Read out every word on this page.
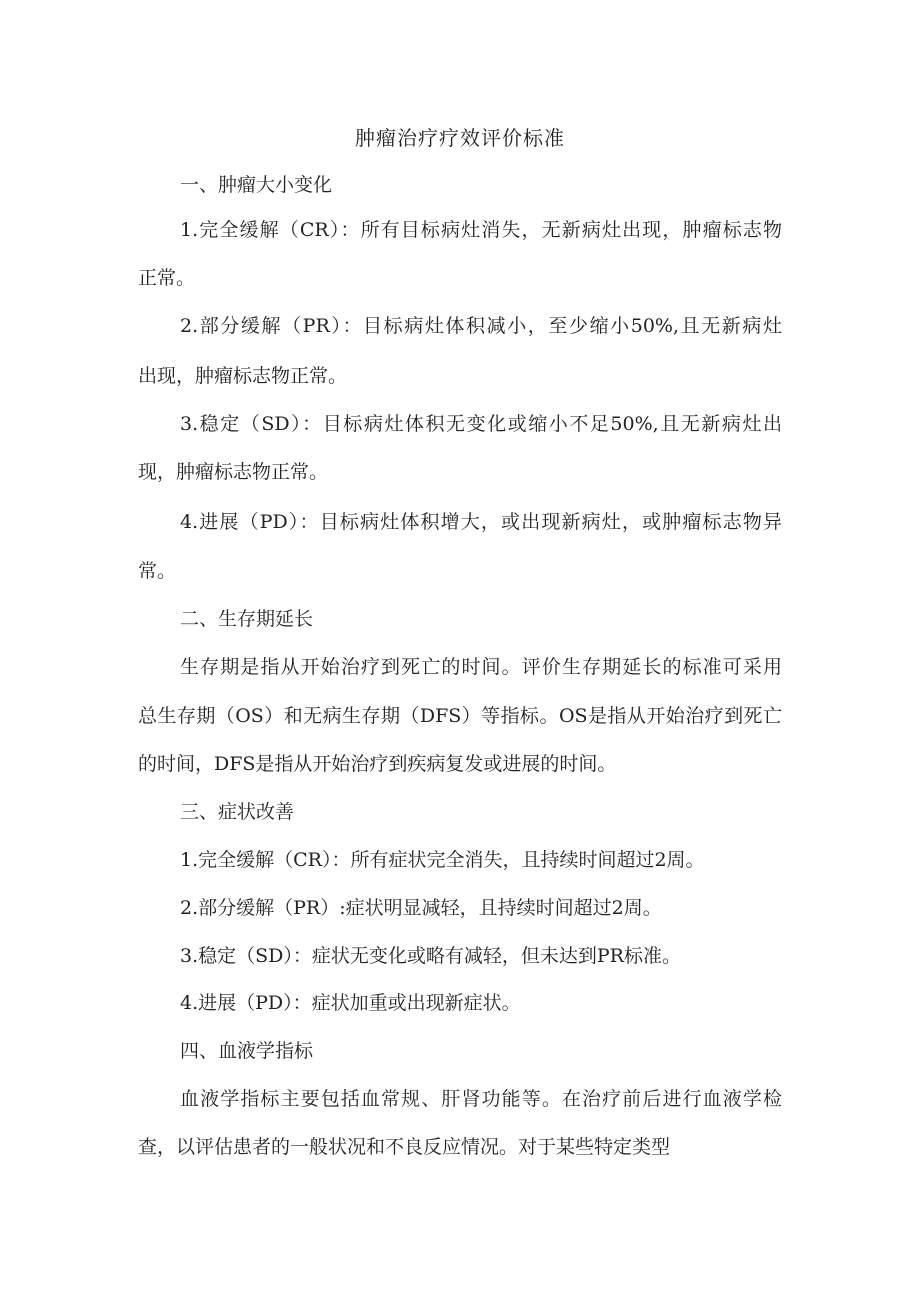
肿瘤治疗疗效评价标准
一、肿瘤大小变化
1.完全缓解（CR）：所有目标病灶消失，无新病灶出现，肿瘤标志物
正常。
2.部分缓解（PR）：目标病灶体积减小，至少缩小50%,且无新病灶
出现，肿瘤标志物正常。
3.稳定（SD）：目标病灶体积无变化或缩小不足50%,且无新病灶出
现，肿瘤标志物正常。
4.进展（PD）：目标病灶体积增大，或出现新病灶，或肿瘤标志物异
常。
二、生存期延长
生存期是指从开始治疗到死亡的时间。评价生存期延长的标准可采用
总生存期（OS）和无病生存期（DFS）等指标。OS是指从开始治疗到死亡
的时间，DFS是指从开始治疗到疾病复发或进展的时间。
三、症状改善
1.完全缓解（CR）：所有症状完全消失，且持续时间超过2周。
2.部分缓解（PR）:症状明显减轻，且持续时间超过2周。
3.稳定（SD）：症状无变化或略有减轻，但未达到PR标准。
4.进展（PD）：症状加重或出现新症状。
四、血液学指标
血液学指标主要包括血常规、肝肾功能等。在治疗前后进行血液学检
查，以评估患者的一般状况和不良反应情况。对于某些特定类型
